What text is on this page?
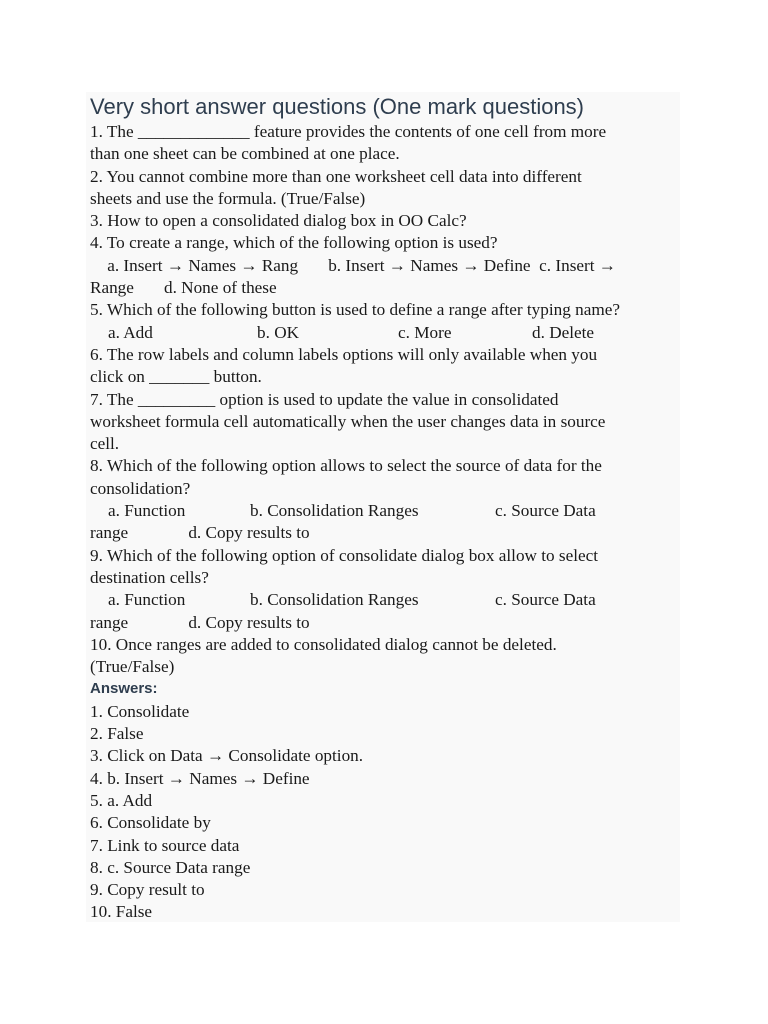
Very short answer questions (One mark questions)
1. The _____________ feature provides the contents of one cell from more
than one sheet can be combined at one place.
2. You cannot combine more than one worksheet cell data into different
sheets and use the formula. (True/False)
3. How to open a consolidated dialog box in OO Calc?
4. To create a range, which of the following option is used?
a. Insert → Names → Rang       b. Insert → Names → Define  c. Insert →
Range       d. None of these
5. Which of the following button is used to define a range after typing name?

a. Add

	b. OK

	c. More

	d. Delete

6. The row labels and column labels options will only available when you
click on _______ button.
7. The _________ option is used to update the value in consolidated
worksheet formula cell automatically when the user changes data in source
cell.
8. Which of the following option allows to select the source of data for the
consolidation?

a. Function

	b. Consolidation Ranges

	c. Source Data

range              d. Copy results to
9. Which of the following option of consolidate dialog box allow to select
destination cells?

a. Function

	b. Consolidation Ranges

	c. Source Data

range              d. Copy results to
10. Once ranges are added to consolidated dialog cannot be deleted.
(True/False)
Answers:
1. Consolidate
2. False
3. Click on Data → Consolidate option.
4. b. Insert → Names → Define
5. a. Add
6. Consolidate by
7. Link to source data
8. c. Source Data range
9. Copy result to
10. False
